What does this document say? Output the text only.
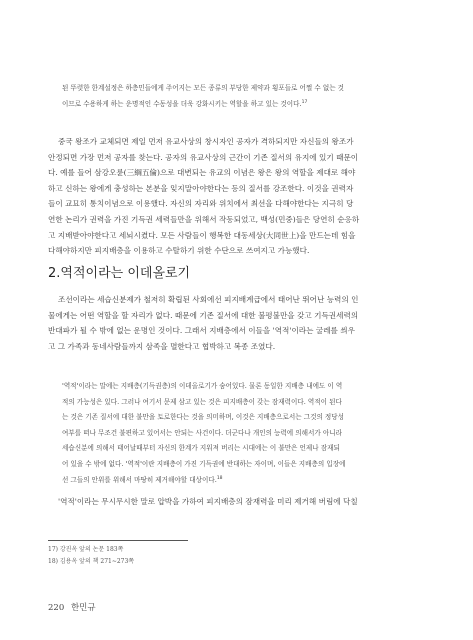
된 뚜렷한 한계설정은 하층민들에게 주어지는 모든 종류의 부당한 제약과 횡포들로 어쩔 수 없는 것

이므로 수용하게 하는 운명적인 수동성을 더욱 강화시키는 역할을 하고 있는 것이다.$^{17}$

중국 왕조가 교체되면 제일 먼저 유교사상의 창시자인 공자가 격하되지만 자신들의 왕조가

안정되면 가장 먼저 공자를 찾는다. 공자의 유교사상의 근간이 기존 질서의 유지에 있기 때문이

다. 예를 들어 삼강오륜(三綱五倫)으로 대변되는 유교의 이념은 왕은 왕의 역할을 제대로 해야

하고 신하는 왕에게 충성하는 본분을 잊지말아야한다는 등의 질서를 강조한다. 이것을 권력자

들이 교묘히 통치이념으로 이용했다. 자신의 자리와 위치에서 최선을 다해야한다는 지극히 당

연한 논리가 권력을 가진 기득권 세력들만을 위해서 작동되었고, 백성(민중)들은 당연히 순응하

고 지배받아야한다고 세뇌시켰다. 모든 사람들이 행복한 대동세상(大同世上)을 만드는데 힘을

다해야하지만 피지배층을 이용하고 수탈하기 위한 수단으로 쓰여지고 가능했다.

2.역적이라는 이데올로기

조선이라는 세습신분제가 철저히 확립된 사회에선 피지배계급에서 태어난 뛰어난 능력의 인

물에게는 어떤 역할을 할 자리가 없다. 때문에 기존 질서에 대한 불평불만을 갖고 기득권세력의

반대파가 될 수 밖에 없는 운명인 것이다. 그래서 지배층에서 이들을 '역적'이라는 굴레를 씌우

고 그 가족과 동네사람들까지 삼족을 멸한다고 협박하고 복종 조였다.

'역적'이라는 말에는 지배층(기득권층)의 이데올로기가 숨어있다. 물론 동일한 지배층 내에도 이 역

적의 가능성은 있다. 그러나 여기서 문제 삼고 있는 것은 피지배층이 갖는 잠재력이다. 역적이 된다

는 것은 기존 질서에 대한 불만을 토로한다는 것을 의미하며, 이것은 지배층으로서는 그것의 정당성

여부를 떠나 무조건 불편하고 있어서는 안되는 사건이다. 더군다나 개인의 능력에 의해서가 아니라

세습신분에 의해서 태어날때부터 자신의 한계가 지워져 버리는 시대에는 이 불만은 언제나 잠재되

어 있을 수 밖에 없다. '역적'이란 지배층이 가진 기득권에 반대하는 자이며, 이들은 지배층의 입장에

선 그들의 안위를 위해서 마땅히 제거해야할 대상이다.$^{18}$

'역적'이라는 무시무시한 말로 압박을 가하여 피지배층의 잠재력을 미리 제거해 버림에 닥칠

17) 강진옥 앞의 논문 183쪽
18) 김용옥 앞의 책 271~273쪽
220 한민규
